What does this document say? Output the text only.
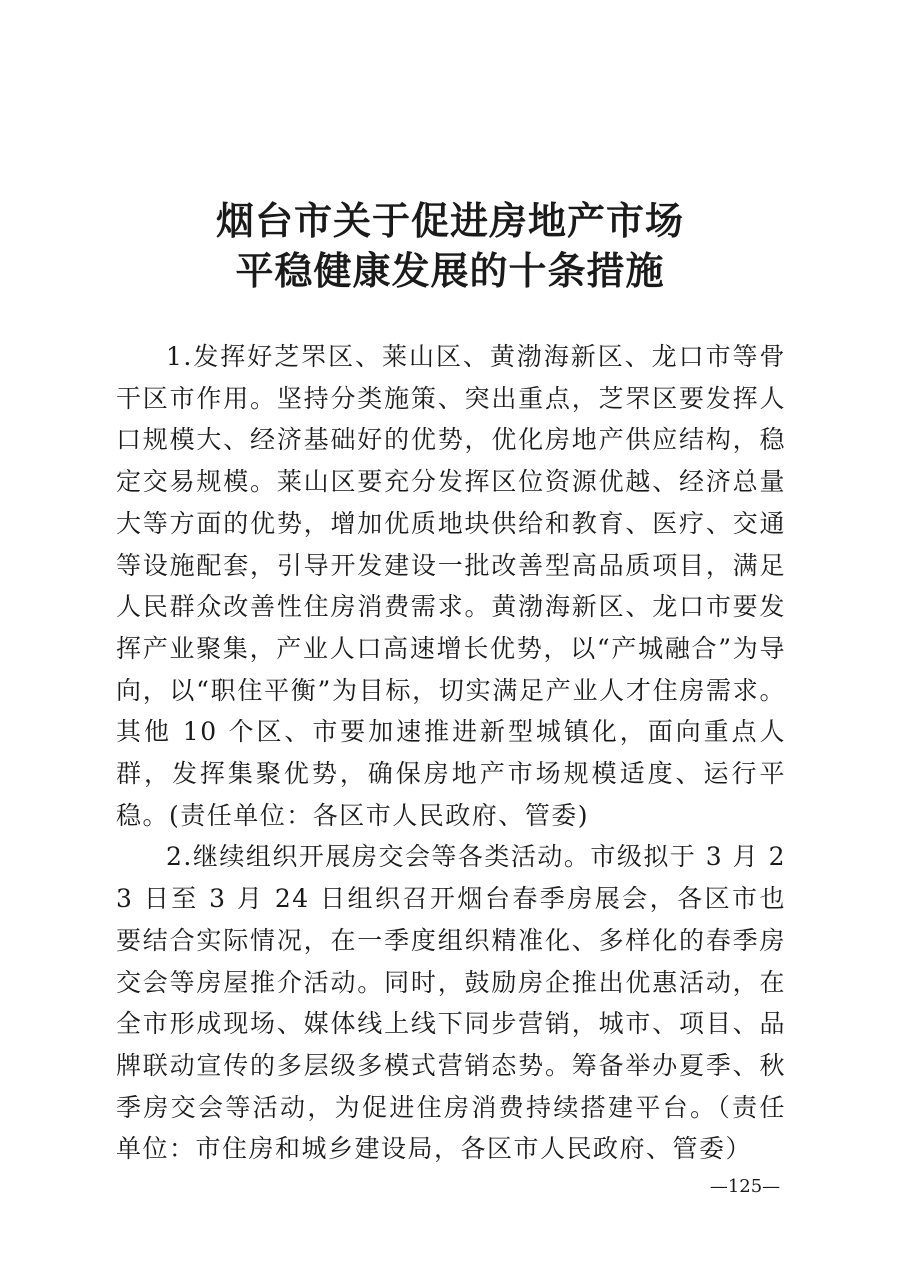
烟台市关于促进房地产市场
平稳健康发展的十条措施

1.发挥好芝罘区、莱山区、黄渤海新区、龙口市等骨干区市作用。坚持分类施策、突出重点，芝罘区要发挥人口规模大、经济基础好的优势，优化房地产供应结构，稳定交易规模。莱山区要充分发挥区位资源优越、经济总量大等方面的优势，增加优质地块供给和教育、医疗、交通等设施配套，引导开发建设一批改善型高品质项目，满足人民群众改善性住房消费需求。黄渤海新区、龙口市要发挥产业聚集，产业人口高速增长优势，以“产城融合”为导向，以“职住平衡”为目标，切实满足产业人才住房需求。其他 10 个区、市要加速推进新型城镇化，面向重点人群，发挥集聚优势，确保房地产市场规模适度、运行平稳。(责任单位：各区市人民政府、管委)

2.继续组织开展房交会等各类活动。市级拟于 3 月 23 日至 3 月 24 日组织召开烟台春季房展会，各区市也要结合实际情况，在一季度组织精准化、多样化的春季房交会等房屋推介活动。同时，鼓励房企推出优惠活动，在全市形成现场、媒体线上线下同步营销，城市、项目、品牌联动宣传的多层级多模式营销态势。筹备举办夏季、秋季房交会等活动，为促进住房消费持续搭建平台。（责任单位：市住房和城乡建设局，各区市人民政府、管委）

—125—
